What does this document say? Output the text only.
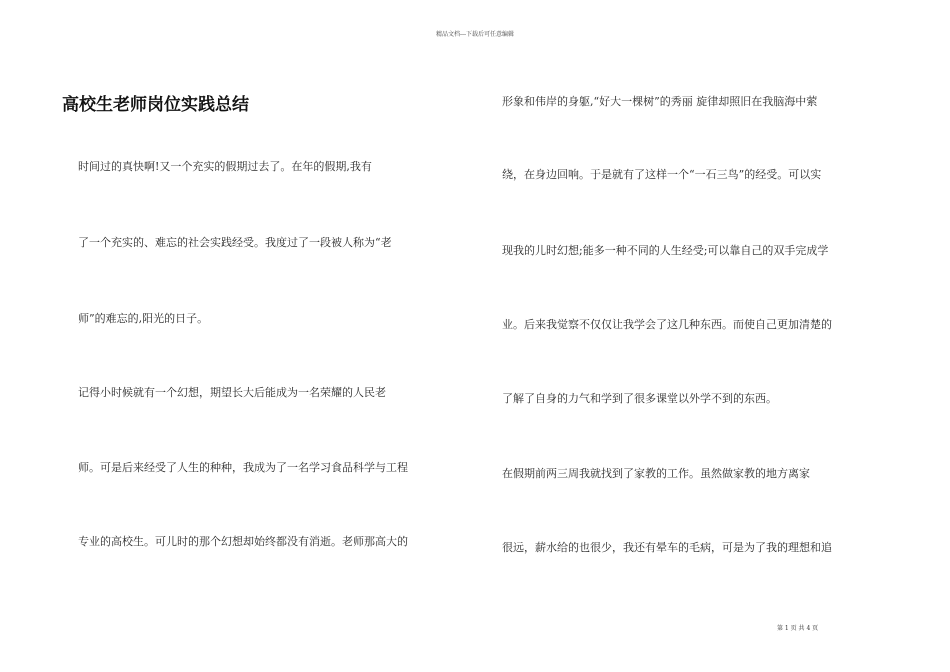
精品文档---下载后可任意编辑
高校生老师岗位实践总结
时间过的真快啊!又一个充实的假期过去了。在年的假期,我有
了一个充实的、难忘的社会实践经受。我度过了一段被人称为“老
师”的难忘的,阳光的日子。
记得小时候就有一个幻想，期望长大后能成为一名荣耀的人民老
师。可是后来经受了人生的种种，我成为了一名学习食品科学与工程
专业的高校生。可儿时的那个幻想却始终都没有消逝。老师那高大的
形象和伟岸的身躯,“好大一棵树”的秀丽 旋律却照旧在我脑海中萦
绕，在身边回响。于是就有了这样一个“一石三鸟”的经受。可以实
现我的儿时幻想;能多一种不同的人生经受;可以靠自己的双手完成学
业。后来我觉察不仅仅让我学会了这几种东西。而使自己更加清楚的
了解了自身的力气和学到了很多课堂以外学不到的东西。
在假期前两三周我就找到了家教的工作。虽然做家教的地方离家
很远，薪水给的也很少，我还有晕车的毛病，可是为了我的理想和追
第 1 页 共 4 页
